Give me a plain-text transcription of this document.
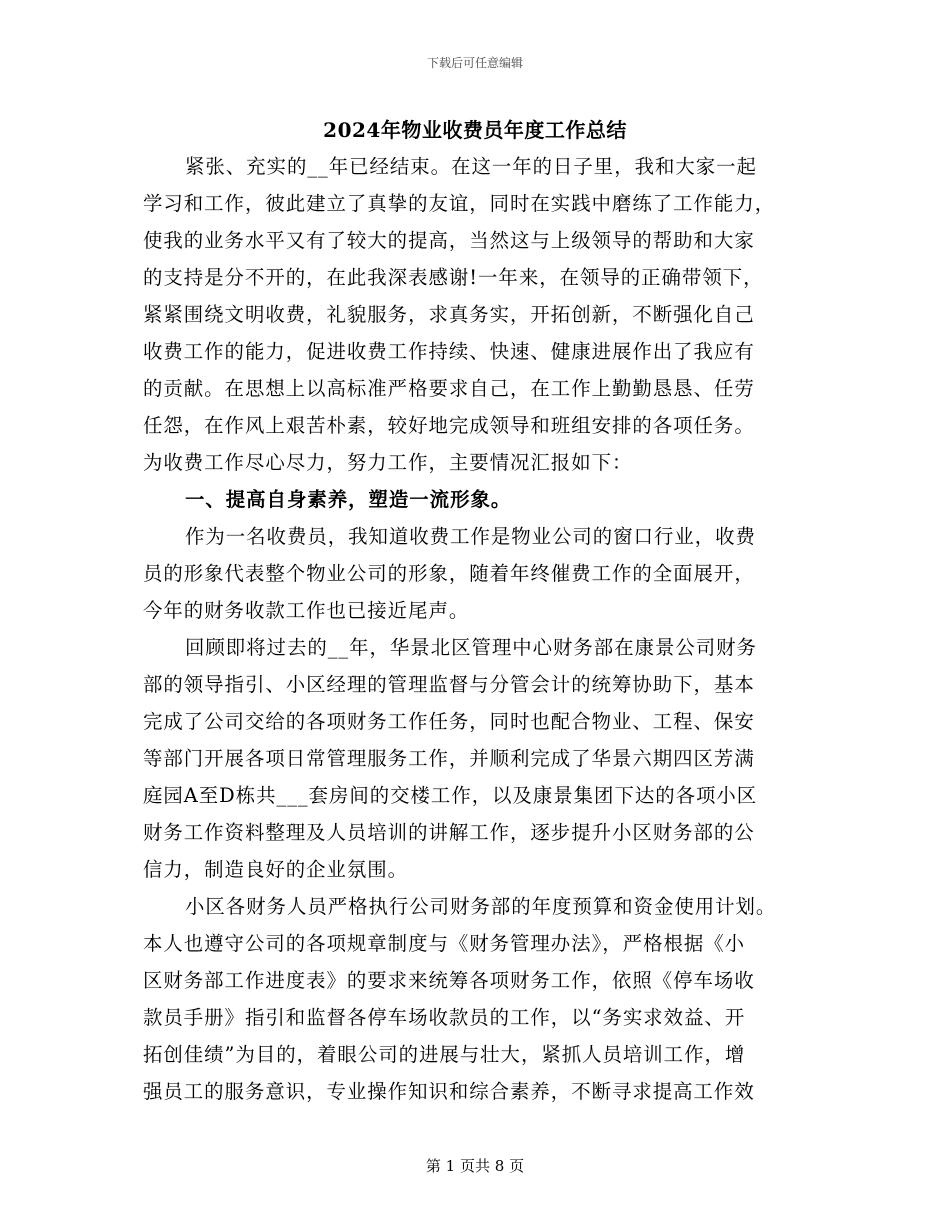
下载后可任意编辑
2024年物业收费员年度工作总结
紧张、充实的__年已经结束。在这一年的日子里，我和大家一起
学习和工作，彼此建立了真挚的友谊，同时在实践中磨练了工作能力，
使我的业务水平又有了较大的提高，当然这与上级领导的帮助和大家
的支持是分不开的，在此我深表感谢!一年来，在领导的正确带领下，
紧紧围绕文明收费，礼貌服务，求真务实，开拓创新，不断强化自己
收费工作的能力，促进收费工作持续、快速、健康进展作出了我应有
的贡献。在思想上以高标准严格要求自己，在工作上勤勤恳恳、任劳
任怨，在作风上艰苦朴素，较好地完成领导和班组安排的各项任务。
为收费工作尽心尽力，努力工作，主要情况汇报如下：
一、提高自身素养，塑造一流形象。
作为一名收费员，我知道收费工作是物业公司的窗口行业，收费
员的形象代表整个物业公司的形象，随着年终催费工作的全面展开，
今年的财务收款工作也已接近尾声。
回顾即将过去的__年，华景北区管理中心财务部在康景公司财务
部的领导指引、小区经理的管理监督与分管会计的统筹协助下，基本
完成了公司交给的各项财务工作任务，同时也配合物业、工程、保安
等部门开展各项日常管理服务工作，并顺利完成了华景六期四区芳满
庭园A至D栋共___套房间的交楼工作，以及康景集团下达的各项小区
财务工作资料整理及人员培训的讲解工作，逐步提升小区财务部的公
信力，制造良好的企业氛围。
小区各财务人员严格执行公司财务部的年度预算和资金使用计划。
本人也遵守公司的各项规章制度与《财务管理办法》，严格根据《小
区财务部工作进度表》的要求来统筹各项财务工作，依照《停车场收
款员手册》指引和监督各停车场收款员的工作，以“务实求效益、开
拓创佳绩”为目的，着眼公司的进展与壮大，紧抓人员培训工作，增
强员工的服务意识，专业操作知识和综合素养，不断寻求提高工作效
第 1 页共 8 页
